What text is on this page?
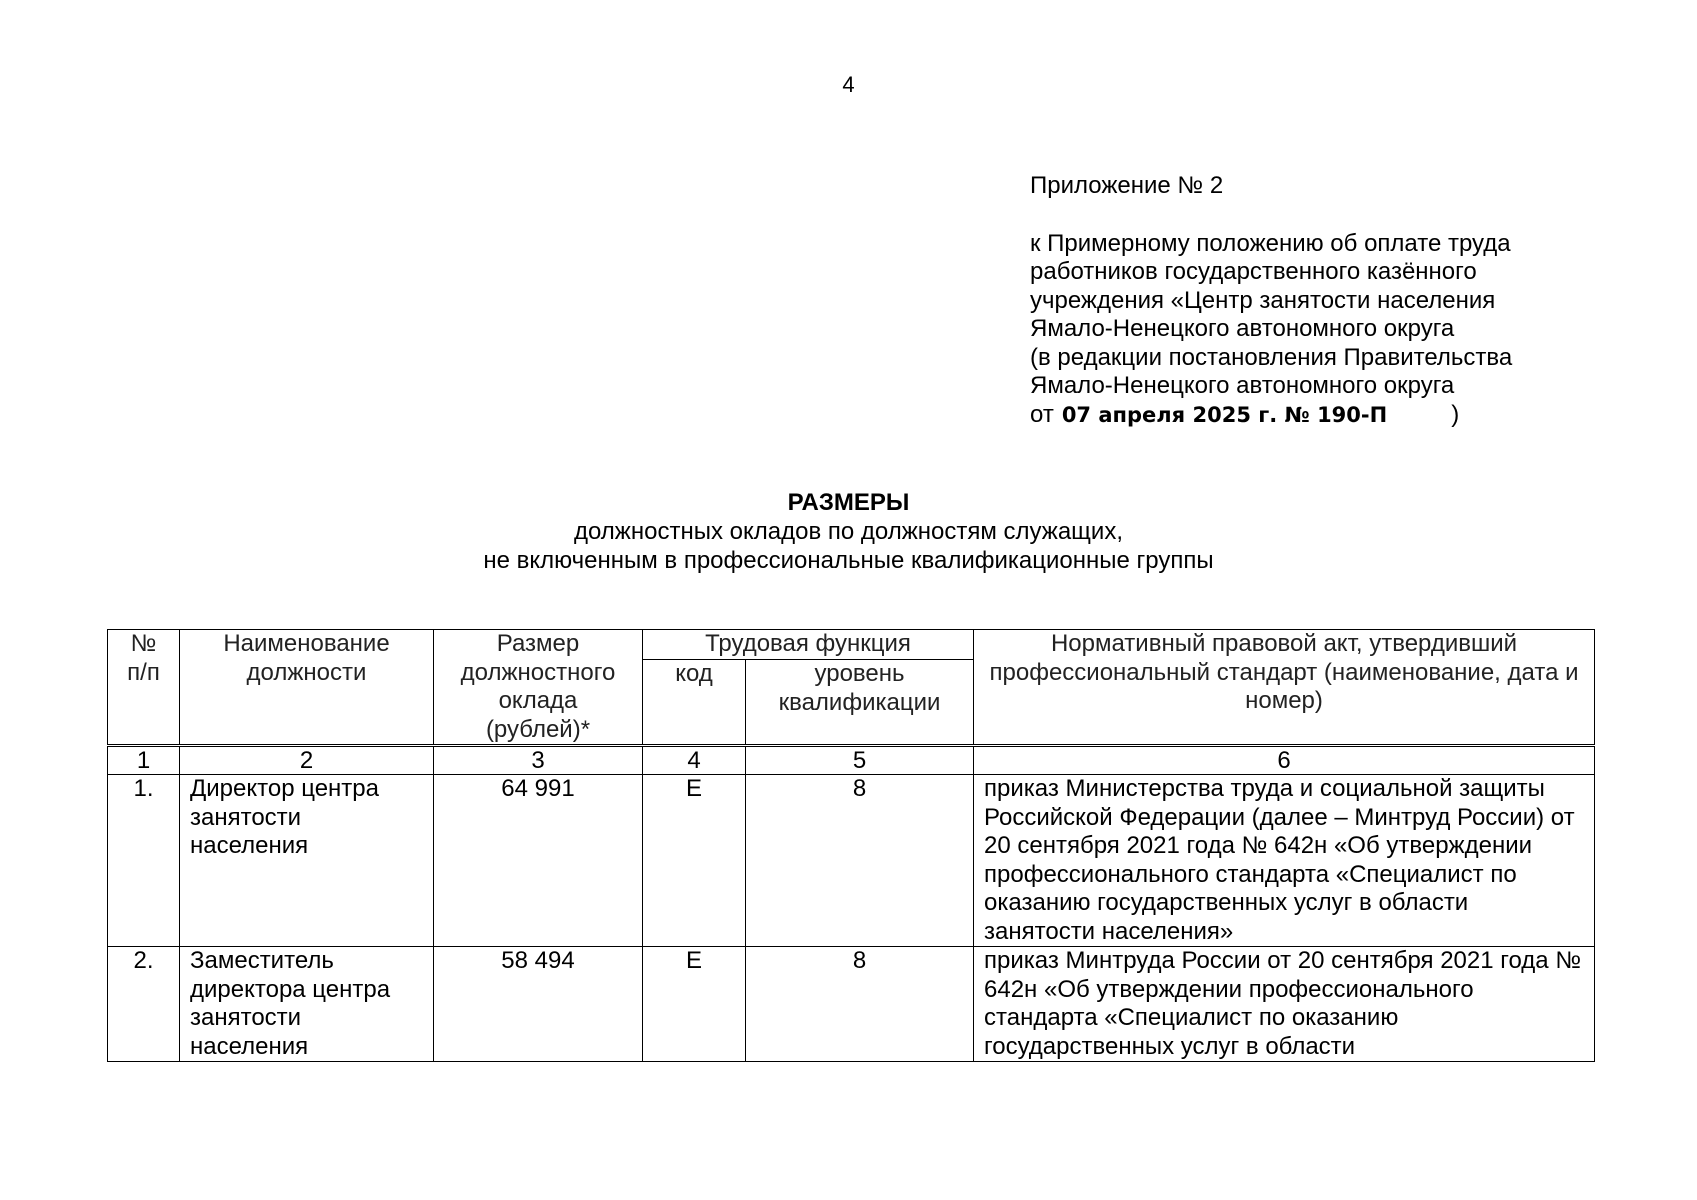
4
Приложение № 2
к Примерному положению об оплате труда
работников государственного казённого
учреждения «Центр занятости населения
Ямало-Ненецкого автономного округа
(в редакции постановления Правительства
Ямало-Ненецкого автономного округа
от 07 апреля 2025 г. № 190-П	)
РАЗМЕРЫ
должностных окладов по должностям служащих,
не включенным в профессиональные квалификационные группы
№ п/п	Наименование должности	Размер должностного оклада (рублей)*	Трудовая функция		Нормативный правовой акт, утвердивший профессиональный стандарт (наименование, дата и номер)
			код	уровень квалификации	
1	2	3	4	5	6
1.	Директор центра занятости населения	64 991	Е	8	приказ Министерства труда и социальной защиты Российской Федерации (далее – Минтруд России) от 20 сентября 2021 года № 642н «Об утверждении профессионального стандарта «Специалист по оказанию государственных услуг в области занятости населения»
2.	Заместитель директора центра занятости населения	58 494	Е	8	приказ Минтруда России от 20 сентября 2021 года № 642н «Об утверждении профессионального стандарта «Специалист по оказанию государственных услуг в области
